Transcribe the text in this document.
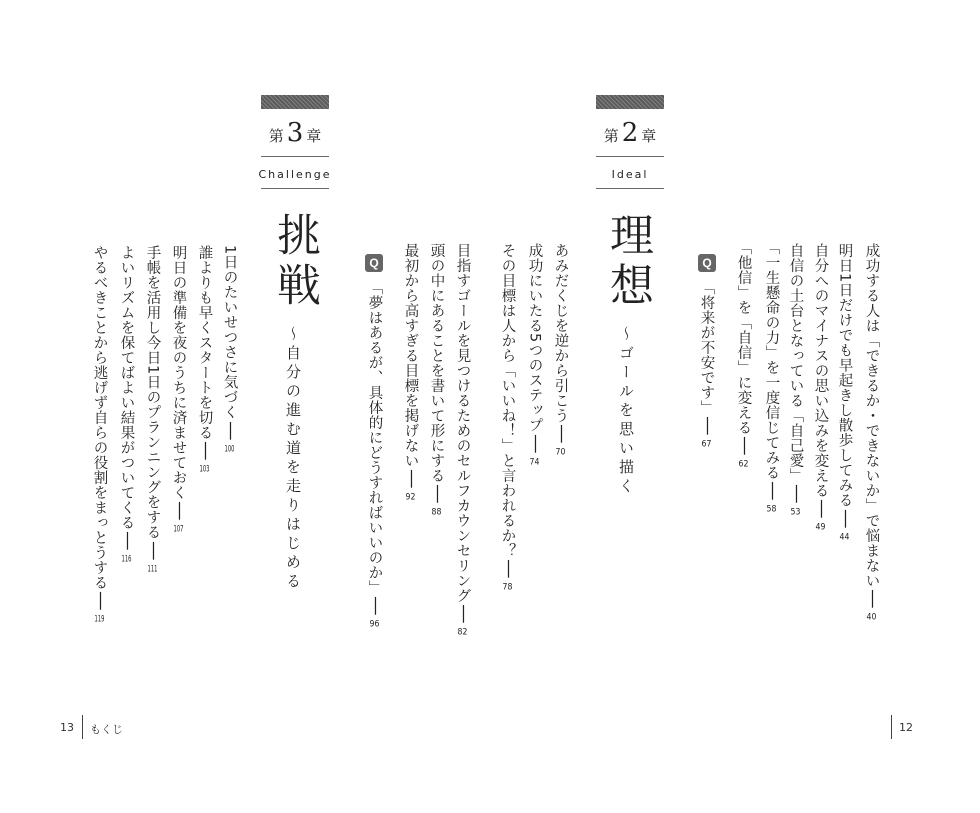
第 2 章
Ideal
理想
～ゴールを思い描く	成功する人は「できるか・できないか」で悩まない──40
明日1日だけでも早起きし散歩してみる──44
自分へのマイナスの思い込みを変える──49
自信の土台となっている「自己愛」──53
「一生懸命の力」を一度信じてみる──58
「他信」を「自信」に変える──62
Q
「将来が不安です」──67
第 3 章
Challenge
挑戦
～自分の進む道を走りはじめる	あみだくじを逆から引こう──70
成功にいたる5つのステップ──74
その目標は人から「いいね！」と言われるか？──78
目指すゴールを見つけるためのセルフカウンセリング──82
頭の中にあることを書いて形にする──88
最初から高すぎる目標を掲げない──92
Q
「夢はあるが、具体的にどうすればいいのか」──96
1日のたいせつさに気づく──100
誰よりも早くスタートを切る──103
明日の準備を夜のうちに済ませておく──107
手帳を活用し今日1日のプランニングをする──111
よいリズムを保てばよい結果がついてくる──116
やるべきことから逃げず自らの役割をまっとうする──119
13 もくじ	12
